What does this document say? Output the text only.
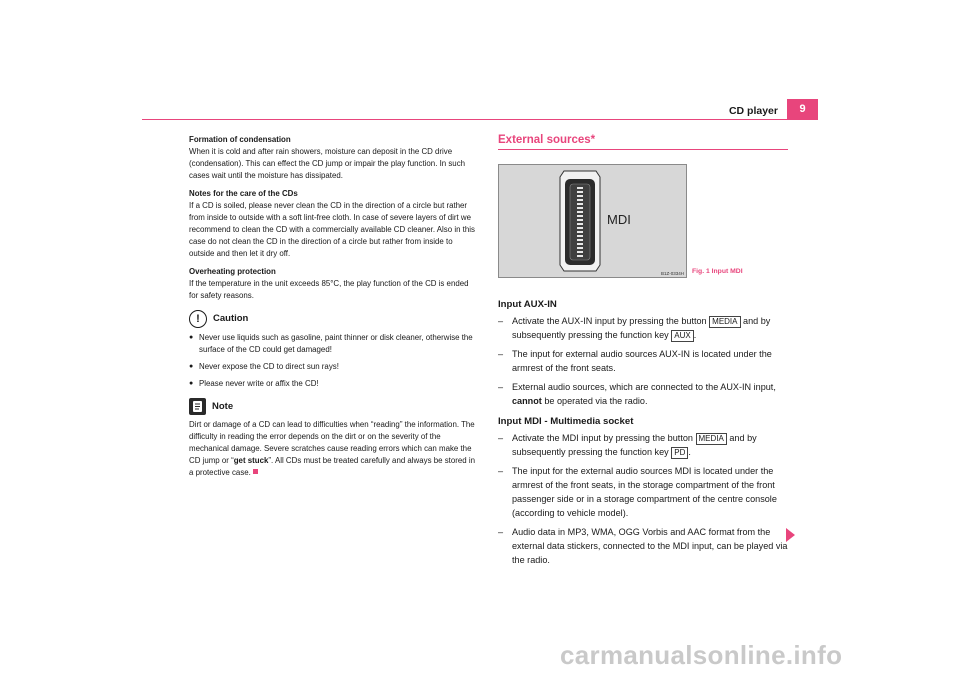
CD player	9

Formation of condensation

When it is cold and after rain showers, moisture can deposit in the CD drive (condensation). This can effect the CD jump or impair the play function. In such cases wait until the moisture has dissipated.

Notes for the care of the CDs

If a CD is soiled, please never clean the CD in the direction of a circle but rather from inside to outside with a soft lint-free cloth. In case of severe layers of dirt we recommend to clean the CD with a commercially available CD cleaner. Also in this case do not clean the CD in the direction of a circle but rather from inside to outside and then let it dry off.

Overheating protection

If the temperature in the unit exceeds 85°C, the play function of the CD is ended for safety reasons.

!	Caution
● Never use liquids such as gasoline, paint thinner or disk cleaner, otherwise the surface of the CD could get damaged!
● Never expose the CD to direct sun rays!
● Please never write or affix the CD!
Note

Dirt or damage of a CD can lead to difficulties when “reading” the information. The difficulty in reading the error depends on the dirt or on the severity of the mechanical damage. Severe scratches cause reading errors which can make the CD jump or “get stuck”. All CDs must be treated carefully and always be stored in a protective case.

External sources*
MDI
B1Z-0334H

Input AUX-IN

– Activate the AUX-IN input by pressing the button MEDIA and by subsequently pressing the function key AUX .
– The input for external audio sources AUX-IN is located under the armrest of the front seats.
– External audio sources, which are connected to the AUX-IN input, cannot be operated via the radio.

Input MDI - Multimedia socket

– Activate the MDI input by pressing the button MEDIA and by subsequently pressing the function key PD .
– The input for the external audio sources MDI is located under the armrest of the front seats, in the storage compartment of the front passenger side or in a storage compartment of the centre console (according to vehicle model).
– Audio data in MP3, WMA, OGG Vorbis and AAC format from the external data stickers, connected to the MDI input, can be played via the radio.
Fig. 1 Input MDI
carmanualsonline.info
